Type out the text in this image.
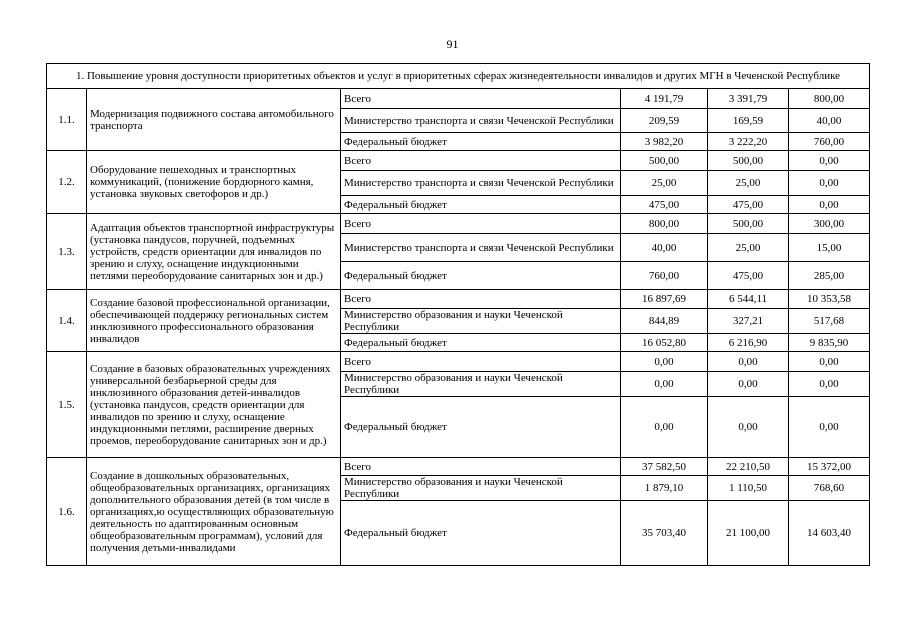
91
1. Повышение уровня доступности приоритетных объектов и услуг в приоритетных сферах жизнедеятельности инвалидов и других МГН в Чеченской Республике					
1.1.	Модернизация подвижного состава автомобильного транспорта	Всего	4 191,79	3 391,79	800,00
		Министерство транспорта и связи Чеченской Республики	209,59	169,59	40,00
		Федеральный бюджет	3 982,20	3 222,20	760,00
1.2.	Оборудование пешеходных и транспортных коммуникаций, (понижение бордюрного камня, установка звуковых светофоров и др.)	Всего	500,00	500,00	0,00
		Министерство транспорта и связи Чеченской Республики	25,00	25,00	0,00
		Федеральный бюджет	475,00	475,00	0,00
1.3.	Адаптация объектов транспортной инфраструктуры (установка пандусов, поручней, подъемных устройств, средств ориентации для инвалидов по зрению и слуху, оснащение индукционными петлями переоборудование санитарных зон и др.)	Всего	800,00	500,00	300,00
		Министерство транспорта и связи Чеченской Республики	40,00	25,00	15,00
		Федеральный бюджет	760,00	475,00	285,00
1.4.	Создание базовой профессиональной организации, обеспечивающей поддержку региональных систем инклюзивного профессионального образования инвалидов	Всего	16 897,69	6 544,11	10 353,58
		Министерство образования и науки Чеченской Республики	844,89	327,21	517,68
		Федеральный бюджет	16 052,80	6 216,90	9 835,90
1.5.	Создание в базовых образовательных учреждениях универсальной безбарьерной среды для инклюзивного образования детей-инвалидов (установка пандусов, средств ориентации для инвалидов по зрению и слуху, оснащение индукционными петлями, расширение дверных проемов, переоборудование санитарных зон и др.)	Всего	0,00	0,00	0,00
		Министерство образования и науки Чеченской Республики	0,00	0,00	0,00
		Федеральный бюджет	0,00	0,00	0,00
1.6.	Создание в дошкольных образовательных, общеобразовательных организациях, организациях дополнительного образования детей (в том числе в организациях,ю осуществляющих образовательную деятельность по адаптированным основным общеобразовательным программам), условий для получения детьми-инвалидами	Всего	37 582,50	22 210,50	15 372,00
		Министерство образования и науки Чеченской Республики	1 879,10	1 110,50	768,60
		Федеральный бюджет	35 703,40	21 100,00	14 603,40
